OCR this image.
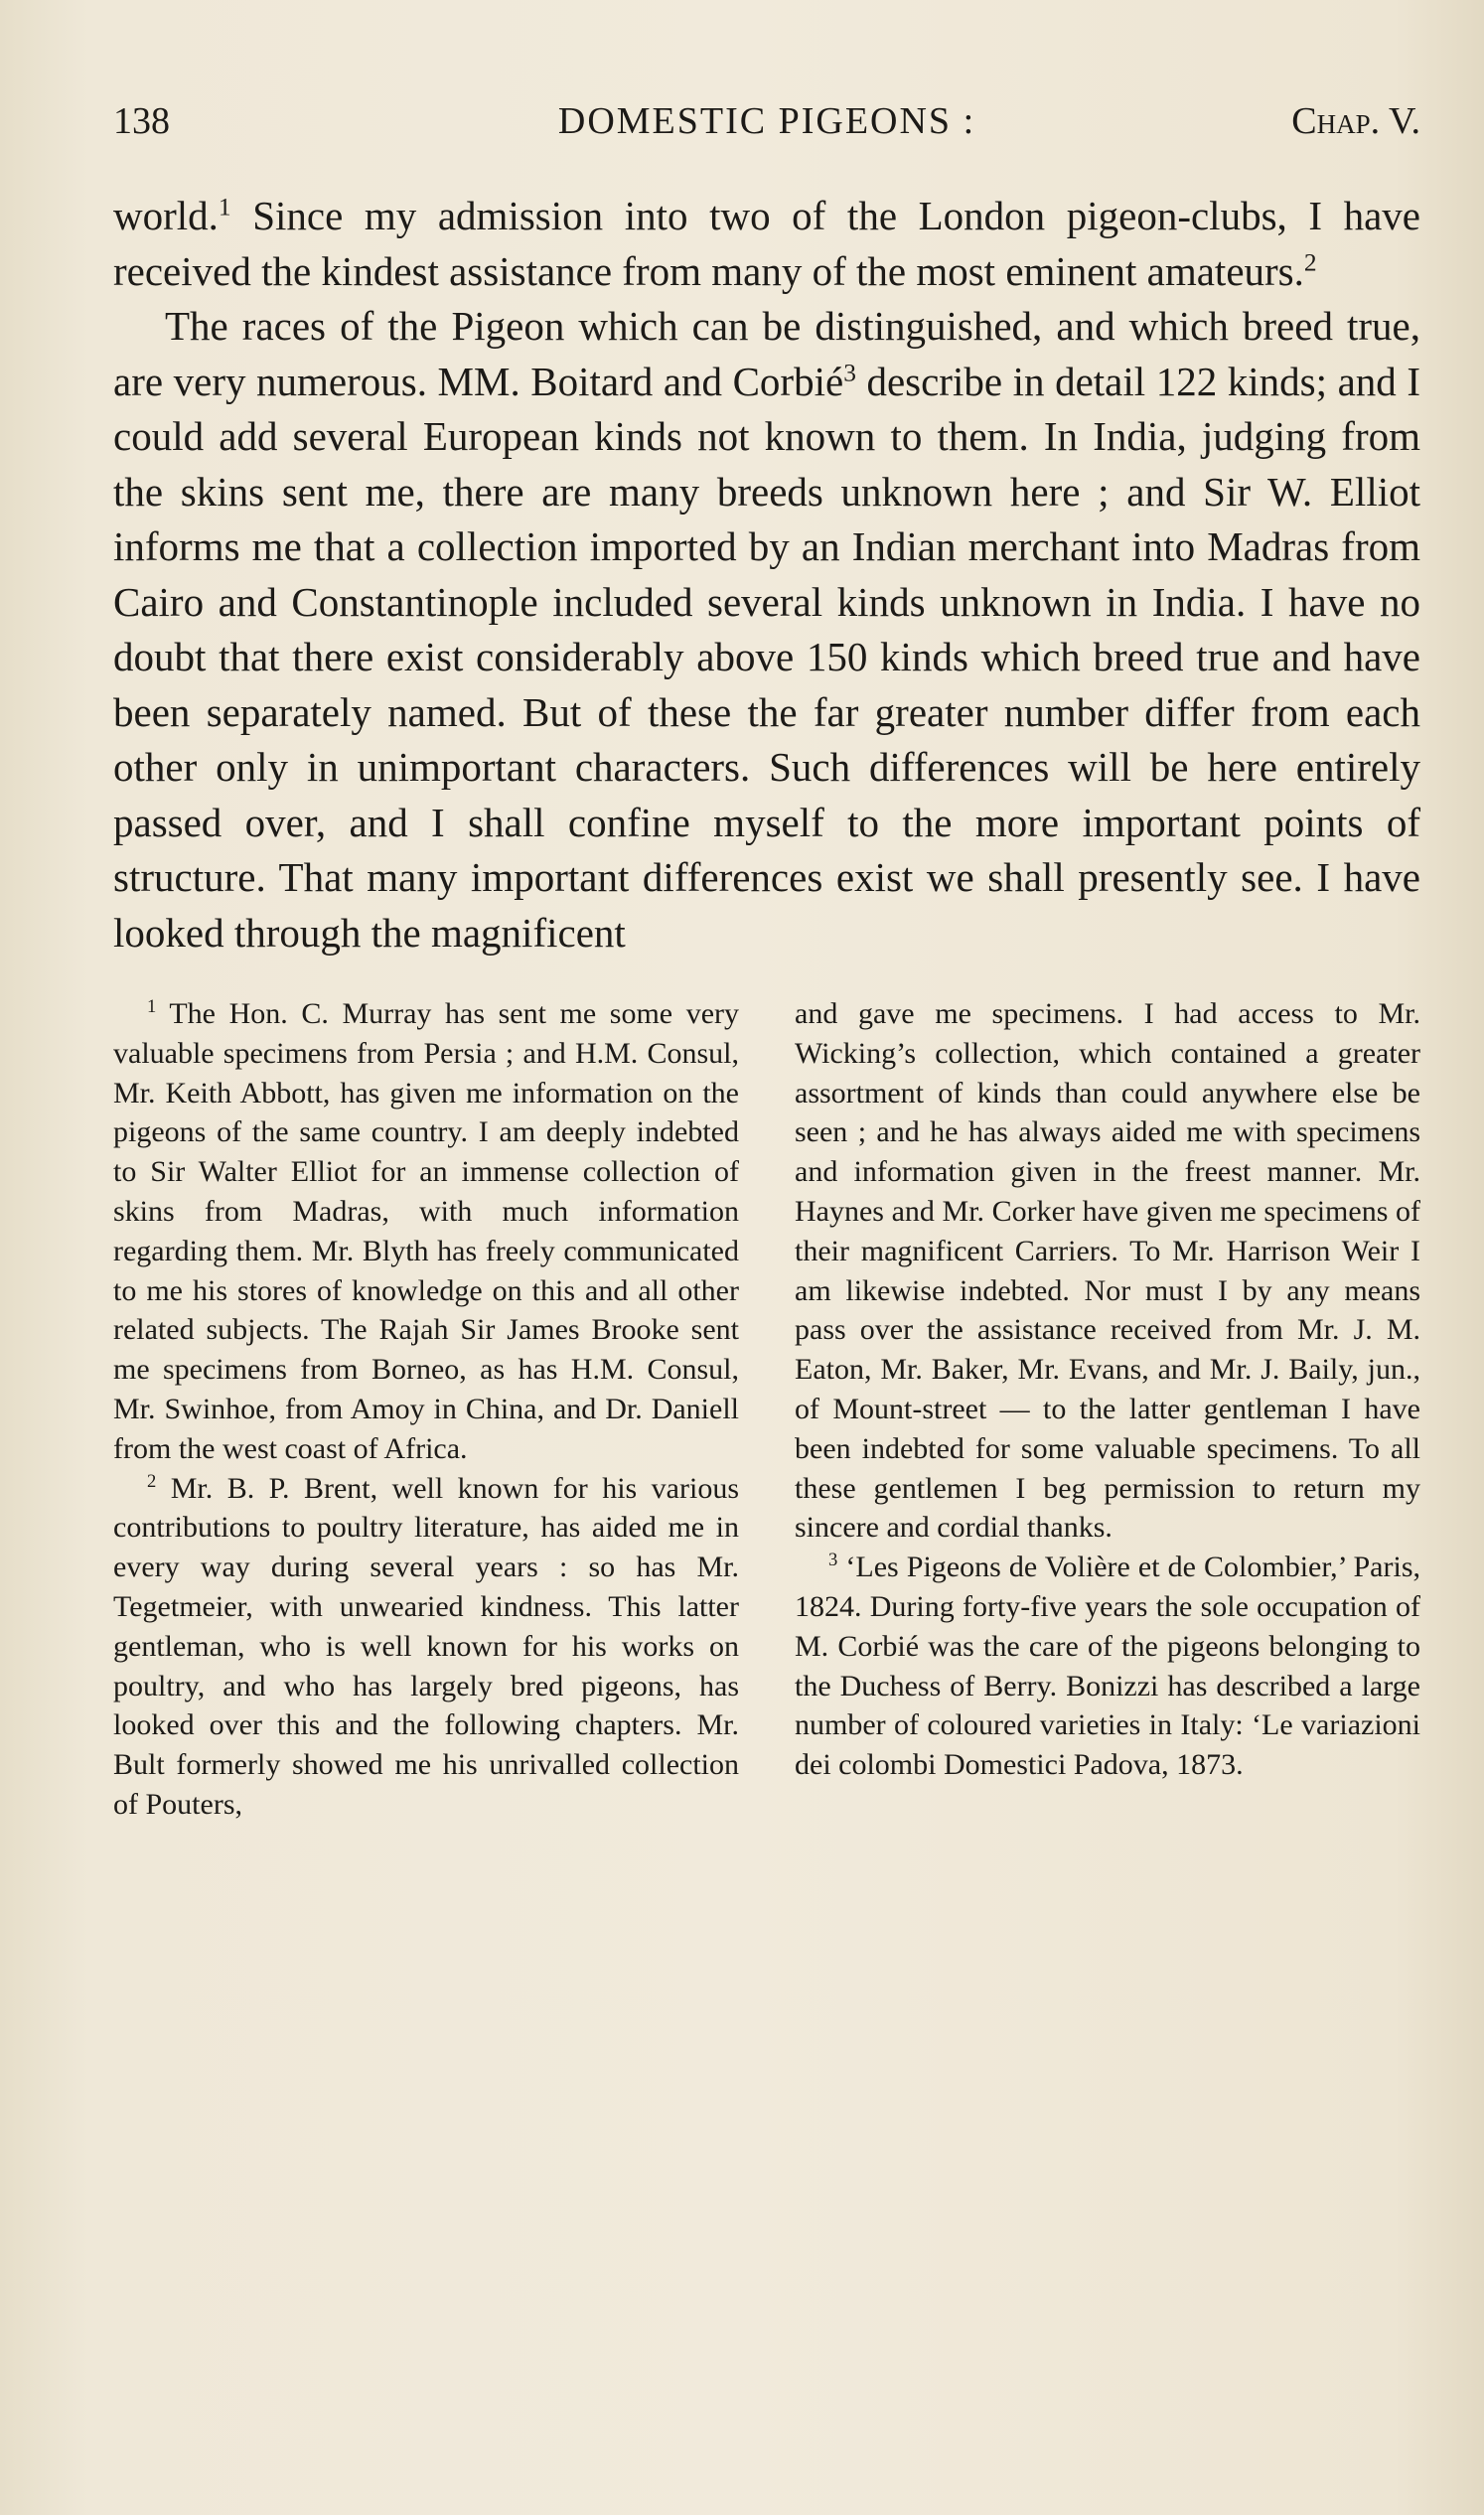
138	DOMESTIC PIGEONS :	Chap. V.

world.$^1$ Since my admission into two of the London pigeon-clubs, I have received the kindest assistance from many of the most eminent amateurs.$^2$

The races of the Pigeon which can be distinguished, and which breed true, are very numerous. MM. Boitard and Corbié$^3$ describe in detail 122 kinds; and I could add several European kinds not known to them. In India, judging from the skins sent me, there are many breeds unknown here ; and Sir W. Elliot informs me that a collection imported by an Indian merchant into Madras from Cairo and Constantinople included several kinds unknown in India. I have no doubt that there exist considerably above 150 kinds which breed true and have been separately named. But of these the far greater number differ from each other only in unimportant characters. Such differences will be here entirely passed over, and I shall confine myself to the more important points of structure. That many important differences exist we shall presently see. I have looked through the magnificent

$^1$ The Hon. C. Murray has sent me some very valuable specimens from Persia ; and H.M. Consul, Mr. Keith Abbott, has given me information on the pigeons of the same country. I am deeply indebted to Sir Walter Elliot for an immense collection of skins from Madras, with much information regarding them. Mr. Blyth has freely communicated to me his stores of knowledge on this and all other related subjects. The Rajah Sir James Brooke sent me specimens from Borneo, as has H.M. Consul, Mr. Swinhoe, from Amoy in China, and Dr. Daniell from the west coast of Africa.

$^2$ Mr. B. P. Brent, well known for his various contributions to poultry literature, has aided me in every way during several years : so has Mr. Tegetmeier, with unwearied kindness. This latter gentleman, who is well known for his works on poultry, and who has largely bred pigeons, has looked over this and the following chapters. Mr. Bult formerly showed me his unrivalled collection of Pouters,

and gave me specimens. I had access to Mr. Wicking’s collection, which contained a greater assortment of kinds than could anywhere else be seen ; and he has always aided me with specimens and information given in the freest manner. Mr. Haynes and Mr. Corker have given me specimens of their magnificent Carriers. To Mr. Harrison Weir I am likewise indebted. Nor must I by any means pass over the assistance received from Mr. J. M. Eaton, Mr. Baker, Mr. Evans, and Mr. J. Baily, jun., of Mount-street — to the latter gentleman I have been indebted for some valuable specimens. To all these gentlemen I beg permission to return my sincere and cordial thanks.

$^3$ ‘Les Pigeons de Volière et de Colombier,’ Paris, 1824. During forty-five years the sole occupation of M. Corbié was the care of the pigeons belonging to the Duchess of Berry. Bonizzi has described a large number of coloured varieties in Italy: ‘Le variazioni dei colombi Domestici Padova, 1873.
